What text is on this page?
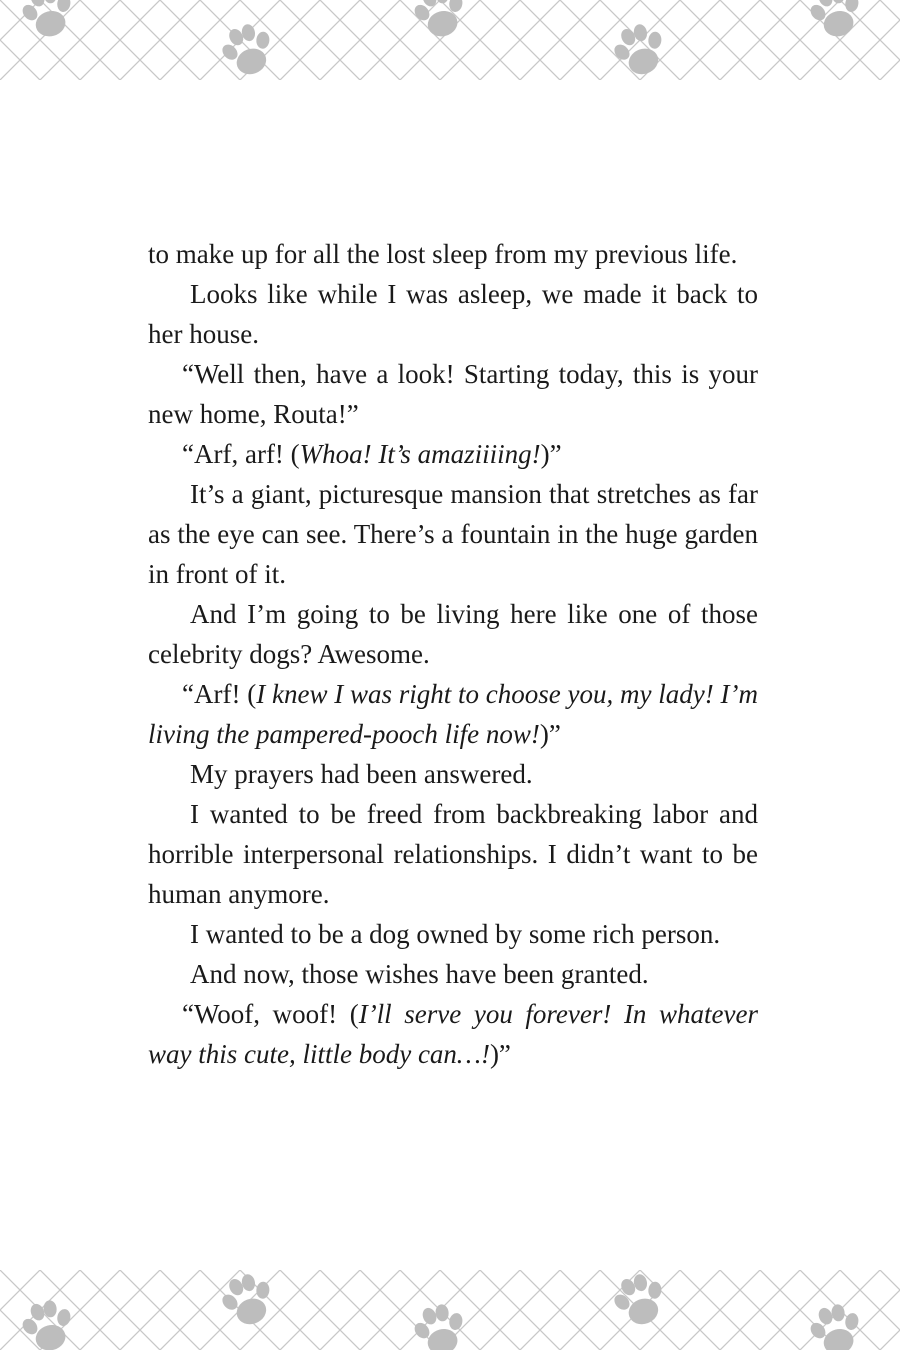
to make up for all the lost sleep from my previous life.

Looks like while I was asleep, we made it back to her house.

“Well then, have a look! Starting today, this is your new home, Routa!”

“Arf, arf! (Whoa! It’s amaziiiing!)”

It’s a giant, picturesque mansion that stretches as far as the eye can see. There’s a fountain in the huge garden in front of it.

And I’m going to be living here like one of those celebrity dogs? Awesome.

“Arf! (I knew I was right to choose you, my lady! I’m living the pampered-pooch life now!)”

My prayers had been answered.

I wanted to be freed from backbreaking labor and horrible interpersonal relationships. I didn’t want to be human anymore.

I wanted to be a dog owned by some rich person.

And now, those wishes have been granted.

“Woof, woof! (I’ll serve you forever! In whatever way this cute, little body can…!)”
